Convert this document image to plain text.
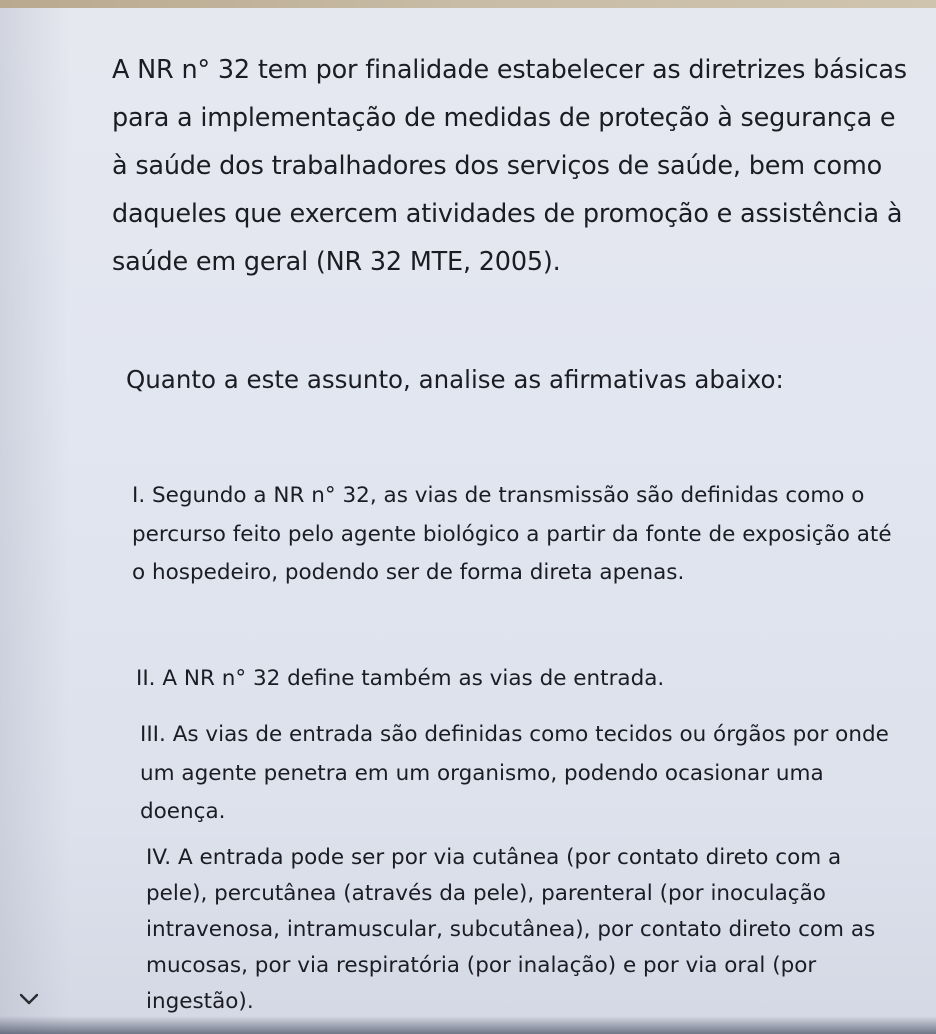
A NR n° 32 tem por finalidade estabelecer as diretrizes básicas para a implementação de medidas de proteção à segurança e à saúde dos trabalhadores dos serviços de saúde, bem como daqueles que exercem atividades de promoção e assistência à saúde em geral (NR 32 MTE, 2005).

Quanto a este assunto, analise as afirmativas abaixo:

I. Segundo a NR n° 32, as vias de transmissão são definidas como o percurso feito pelo agente biológico a partir da fonte de exposição até o hospedeiro, podendo ser de forma direta apenas.

II. A NR n° 32 define também as vias de entrada.

III. As vias de entrada são definidas como tecidos ou órgãos por onde um agente penetra em um organismo, podendo ocasionar uma doença.

IV. A entrada pode ser por via cutânea (por contato direto com a pele), percutânea (através da pele), parenteral (por inoculação intravenosa, intramuscular, subcutânea), por contato direto com as mucosas, por via respiratória (por inalação) e por via oral (por ingestão).
